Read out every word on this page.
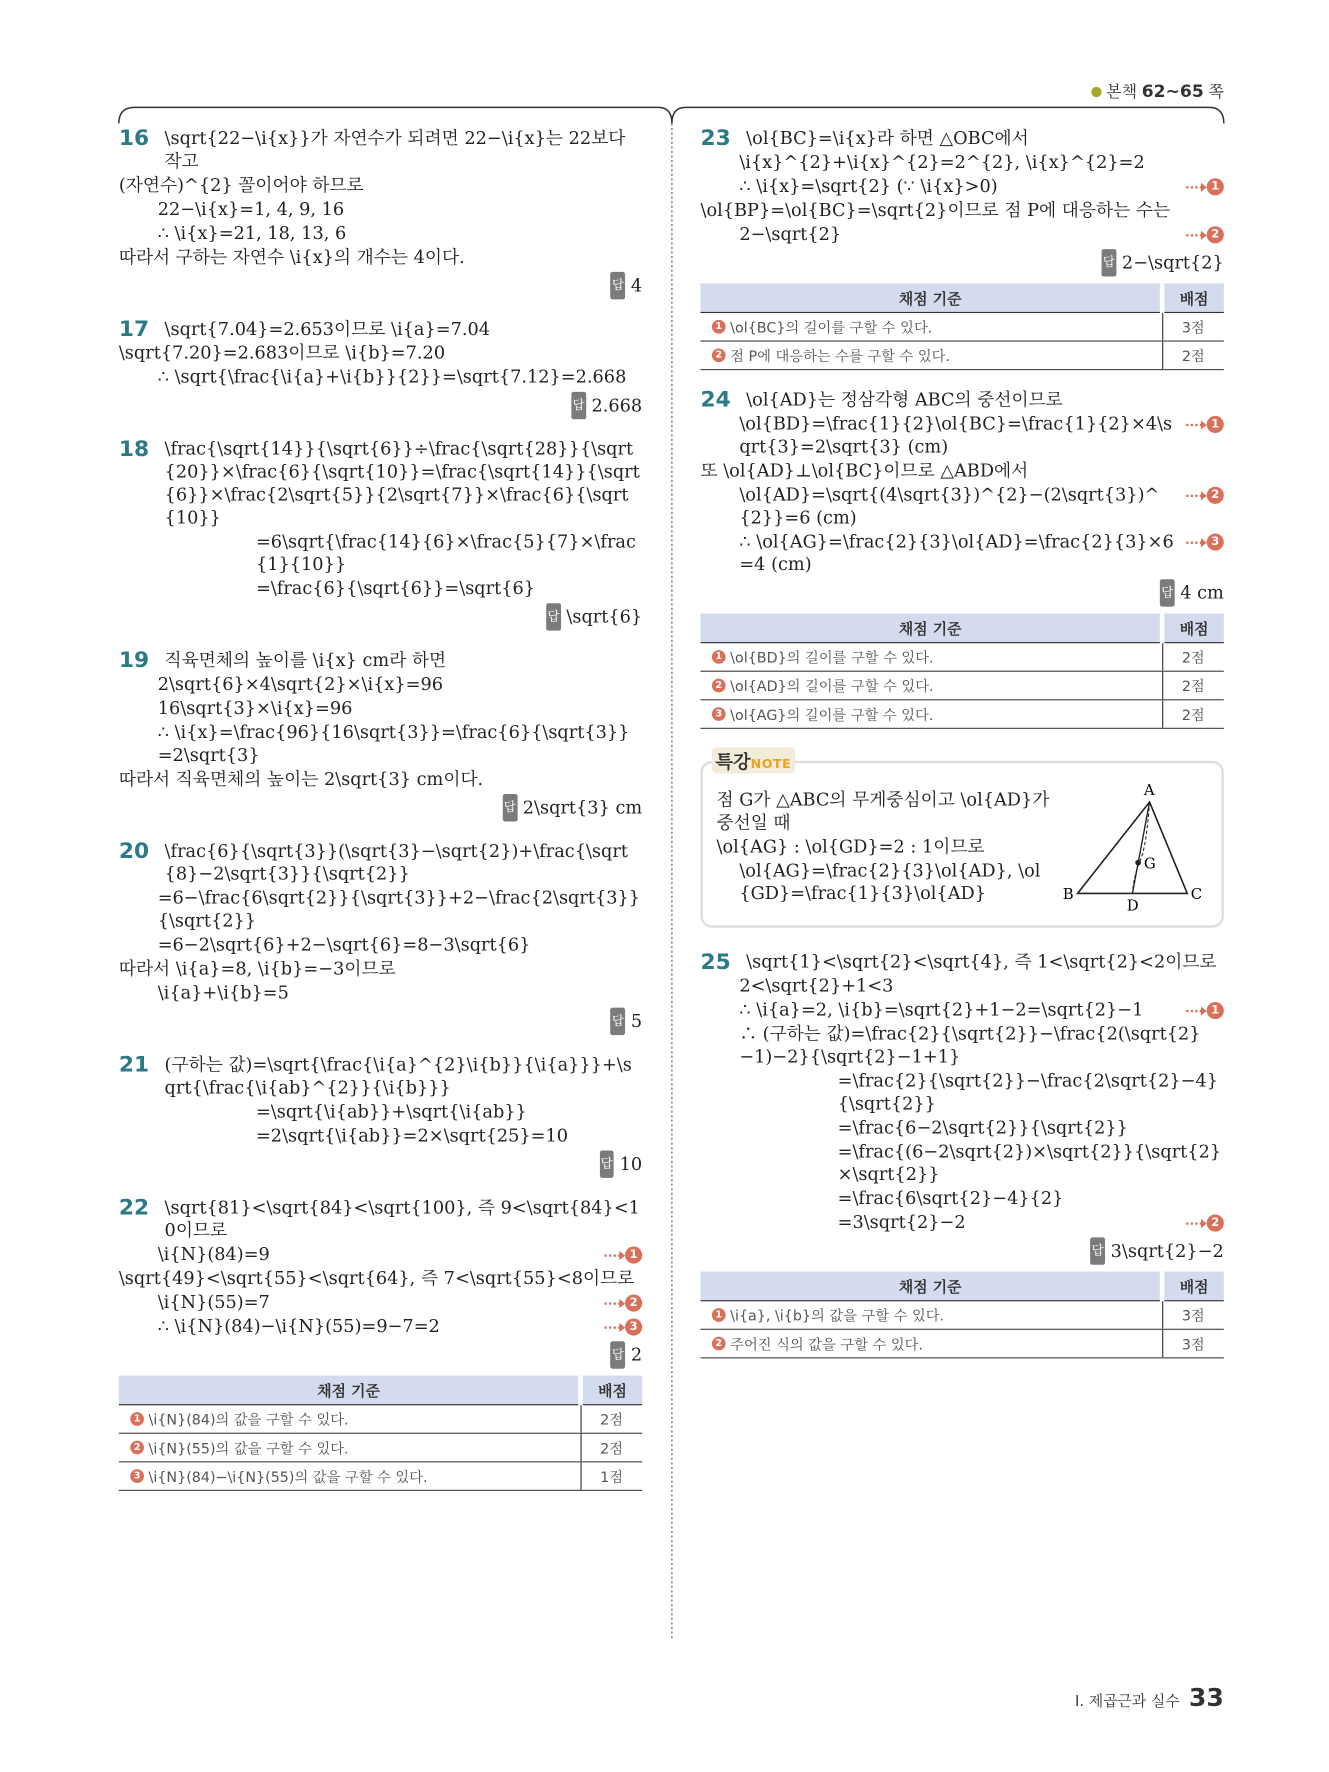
본책 62~65 쪽
16 \sqrt{22−\i{x}}가 자연수가 되려면 22−\i{x}는 22보다 작고
(자연수)^{2} 꼴이어야 하므로
22−\i{x}=1, 4, 9, 16
∴ \i{x}=21, 18, 13, 6
따라서 구하는 자연수 \i{x}의 개수는 4이다.
답 4
17 \sqrt{7.04}=2.653이므로 \i{a}=7.04
\sqrt{7.20}=2.683이므로 \i{b}=7.20
∴ \sqrt{\frac{\i{a}+\i{b}}{2}}=\sqrt{7.12}=2.668
답 2.668
18 \frac{\sqrt{14}}{\sqrt{6}}÷\frac{\sqrt{28}}{\sqrt{20}}×\frac{6}{\sqrt{10}}=\frac{\sqrt{14}}{\sqrt{6}}×\frac{2\sqrt{5}}{2\sqrt{7}}×\frac{6}{\sqrt{10}}
=6\sqrt{\frac{14}{6}×\frac{5}{7}×\frac{1}{10}}
=\frac{6}{\sqrt{6}}=\sqrt{6}
답 \sqrt{6}
19 직육면체의 높이를 \i{x} cm라 하면
2\sqrt{6}×4\sqrt{2}×\i{x}=96
16\sqrt{3}×\i{x}=96
∴ \i{x}=\frac{96}{16\sqrt{3}}=\frac{6}{\sqrt{3}}=2\sqrt{3}
따라서 직육면체의 높이는 2\sqrt{3} cm이다.
답 2\sqrt{3} cm
20 \frac{6}{\sqrt{3}}(\sqrt{3}−\sqrt{2})+\frac{\sqrt{8}−2\sqrt{3}}{\sqrt{2}}
=6−\frac{6\sqrt{2}}{\sqrt{3}}+2−\frac{2\sqrt{3}}{\sqrt{2}}
=6−2\sqrt{6}+2−\sqrt{6}=8−3\sqrt{6}
따라서 \i{a}=8, \i{b}=−3이므로
\i{a}+\i{b}=5
답 5
21 (구하는 값)=\sqrt{\frac{\i{a}^{2}\i{b}}{\i{a}}}+\sqrt{\frac{\i{ab}^{2}}{\i{b}}}
=\sqrt{\i{ab}}+\sqrt{\i{ab}}
=2\sqrt{\i{ab}}=2×\sqrt{25}=10
답 10
22 \sqrt{81}<\sqrt{84}<\sqrt{100}, 즉 9<\sqrt{84}<10이므로
\i{N}(84)=9	1
\sqrt{49}<\sqrt{55}<\sqrt{64}, 즉 7<\sqrt{55}<8이므로
\i{N}(55)=7	2
∴ \i{N}(84)−\i{N}(55)=9−7=2	3
답 2
채점 기준	배점

1 \i{N}(84)의 값을 구할 수 있다.	2점

2 \i{N}(55)의 값을 구할 수 있다.	2점

3 \i{N}(84)−\i{N}(55)의 값을 구할 수 있다.	1점
23 \ol{BC}=\i{x}라 하면 △OBC에서
\i{x}^{2}+\i{x}^{2}=2^{2}, \i{x}^{2}=2
∴ \i{x}=\sqrt{2} (∵ \i{x}>0)	1
\ol{BP}=\ol{BC}=\sqrt{2}이므로 점 P에 대응하는 수는
2−\sqrt{2}	2
답 2−\sqrt{2}
채점 기준	배점

1 \ol{BC}의 길이를 구할 수 있다.	3점

2 점 P에 대응하는 수를 구할 수 있다.	2점
24 \ol{AD}는 정삼각형 ABC의 중선이므로
\ol{BD}=\frac{1}{2}\ol{BC}=\frac{1}{2}×4\sqrt{3}=2\sqrt{3} (cm)
1
또 \ol{AD}⊥\ol{BC}이므로 △ABD에서
\ol{AD}=\sqrt{(4\sqrt{3})^{2}−(2\sqrt{3})^{2}}=6 (cm)
2
∴ \ol{AG}=\frac{2}{3}\ol{AD}=\frac{2}{3}×6=4 (cm)
3
답 4 cm
채점 기준	배점

1 \ol{BD}의 길이를 구할 수 있다.	2점

2 \ol{AD}의 길이를 구할 수 있다.	2점

3 \ol{AG}의 길이를 구할 수 있다.	2점
점 G가 △ABC의 무게중심이고 \ol{AD}가 중선일 때
\ol{AG} : \ol{GD}=2 : 1이므로
\ol{AG}=\frac{2}{3}\ol{AD}, \ol{GD}=\frac{1}{3}\ol{AD}
A
B	C
D
G
특강NOTE
25 \sqrt{1}<\sqrt{2}<\sqrt{4}, 즉 1<\sqrt{2}<2이므로
2<\sqrt{2}+1<3
∴ \i{a}=2, \i{b}=\sqrt{2}+1−2=\sqrt{2}−1	1
∴ (구하는 값)=\frac{2}{\sqrt{2}}−\frac{2(\sqrt{2}−1)−2}{\sqrt{2}−1+1}
=\frac{2}{\sqrt{2}}−\frac{2\sqrt{2}−4}{\sqrt{2}}
=\frac{6−2\sqrt{2}}{\sqrt{2}}
=\frac{(6−2\sqrt{2})×\sqrt{2}}{\sqrt{2}×\sqrt{2}}
=\frac{6\sqrt{2}−4}{2}
=3\sqrt{2}−2	2
답 3\sqrt{2}−2
채점 기준	배점

1 \i{a}, \i{b}의 값을 구할 수 있다.	3점

2 주어진 식의 값을 구할 수 있다.	3점
Ⅰ. 제곱근과 실수 33
